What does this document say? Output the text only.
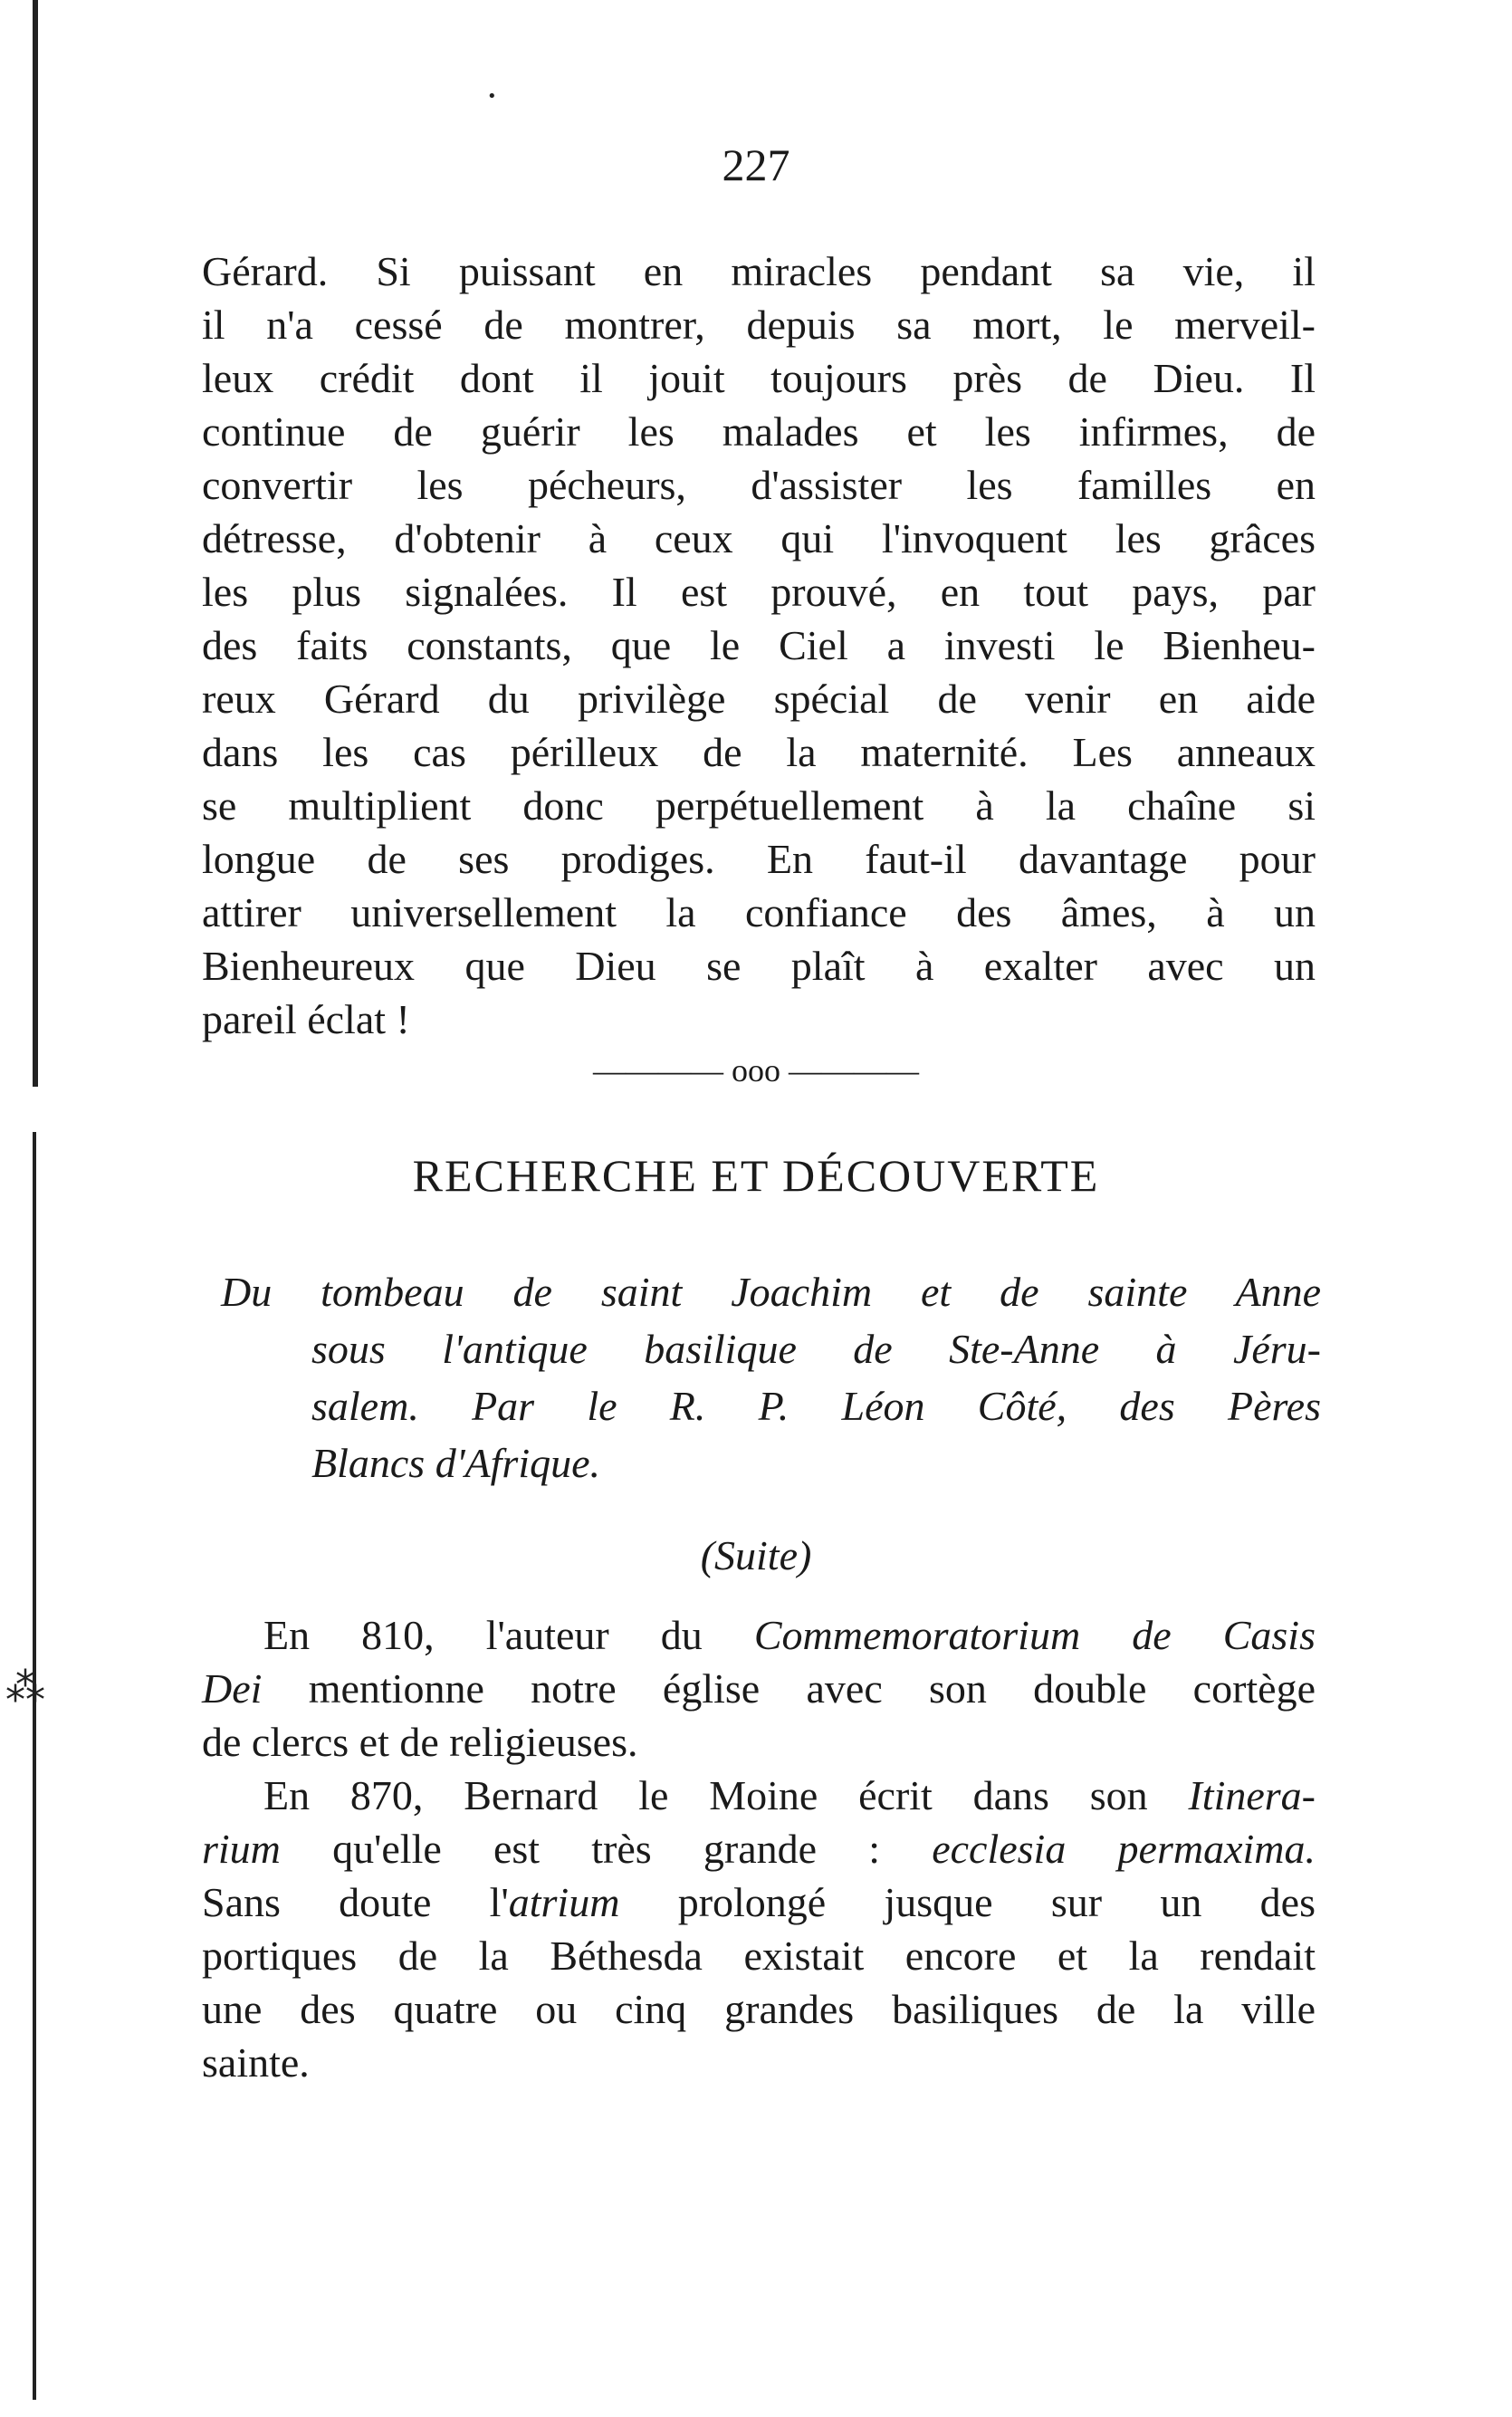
•
⁂
227
Gérard. Si puissant en miracles pendant sa vie, il
il n'a cessé de montrer, depuis sa mort, le merveil-
leux crédit dont il jouit toujours près de Dieu. Il
continue de guérir les malades et les infirmes, de
convertir les pécheurs, d'assister les familles en
détresse, d'obtenir à ceux qui l'invoquent les grâces
les plus signalées. Il est prouvé, en tout pays, par
des faits constants, que le Ciel a investi le Bienheu-
reux Gérard du privilège spécial de venir en aide
dans les cas périlleux de la maternité. Les anneaux
se multiplient donc perpétuellement à la chaîne si
longue de ses prodiges. En faut-il davantage pour
attirer universellement la confiance des âmes, à un
Bienheureux que Dieu se plaît à exalter avec un
pareil éclat !
———— ooo ————
RECHERCHE ET DÉCOUVERTE
Du tombeau de saint Joachim et de sainte Anne
sous l'antique basilique de Ste-Anne à Jéru-
salem. Par le R. P. Léon Côté, des Pères
Blancs d'Afrique.
(Suite)
En 810, l'auteur du Commemoratorium de Casis
Dei mentionne notre église avec son double cortège
de clercs et de religieuses.
En 870, Bernard le Moine écrit dans son Itinera-
rium qu'elle est très grande : ecclesia permaxima.
Sans doute l'atrium prolongé jusque sur un des
portiques de la Béthesda existait encore et la rendait
une des quatre ou cinq grandes basiliques de la ville
sainte.
